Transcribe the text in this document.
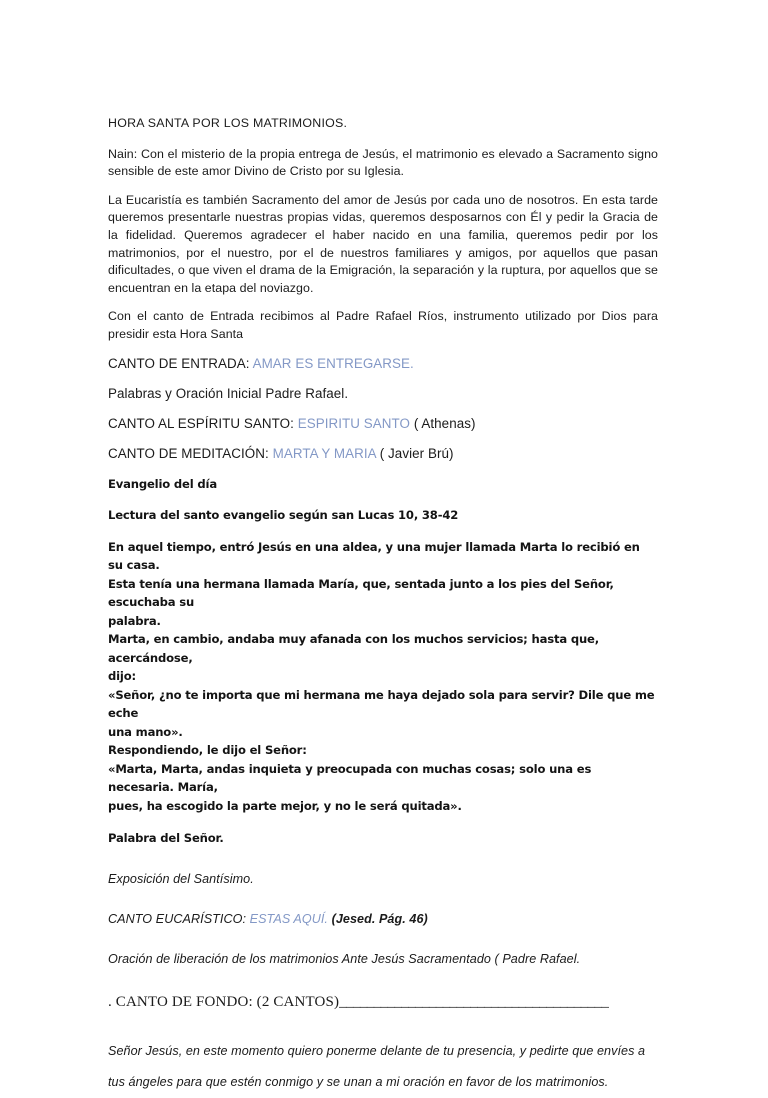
HORA SANTA POR LOS MATRIMONIOS.

Nain: Con el misterio de la propia entrega de Jesús, el matrimonio es elevado a Sacramento signo sensible de este amor Divino de Cristo por su Iglesia.

La Eucaristía es también Sacramento del amor de Jesús por cada uno de nosotros. En esta tarde queremos presentarle nuestras propias vidas, queremos desposarnos con Él y pedir la Gracia de la fidelidad. Queremos agradecer el haber nacido en una familia, queremos pedir por los matrimonios, por el nuestro, por el de nuestros familiares y amigos, por aquellos que pasan dificultades, o que viven el drama de la Emigración, la separación y la ruptura, por aquellos que se encuentran en la etapa del noviazgo.

Con el canto de Entrada recibimos al Padre Rafael Ríos, instrumento utilizado por Dios para presidir esta Hora Santa

CANTO DE ENTRADA: AMAR ES ENTREGARSE.
Palabras y Oración Inicial Padre Rafael.
CANTO AL ESPÍRITU SANTO: ESPIRITU SANTO ( Athenas)
CANTO DE MEDITACIÓN: MARTA Y MARIA ( Javier Brú)
Evangelio del día
Lectura del santo evangelio según san Lucas 10, 38-42
En aquel tiempo, entró Jesús en una aldea, y una mujer llamada Marta lo recibió en su casa.
Esta tenía una hermana llamada María, que, sentada junto a los pies del Señor, escuchaba su
palabra.
Marta, en cambio, andaba muy afanada con los muchos servicios; hasta que, acercándose,
dijo:
«Señor, ¿no te importa que mi hermana me haya dejado sola para servir? Dile que me eche
una mano».
Respondiendo, le dijo el Señor:
«Marta, Marta, andas inquieta y preocupada con muchas cosas; solo una es necesaria. María,
pues, ha escogido la parte mejor, y no le será quitada».
Palabra del Señor.
Exposición del Santísimo.
CANTO EUCARÍSTICO: ESTAS AQUÍ. (Jesed. Pág. 46)
Oración de liberación de los matrimonios Ante Jesús Sacramentado ( Padre Rafael.
. CANTO DE FONDO: (2 CANTOS)_______________________________________
Señor Jesús, en este momento quiero ponerme delante de tu presencia, y pedirte que envíes a
tus ángeles para que estén conmigo y se unan a mi oración en favor de los matrimonios.
